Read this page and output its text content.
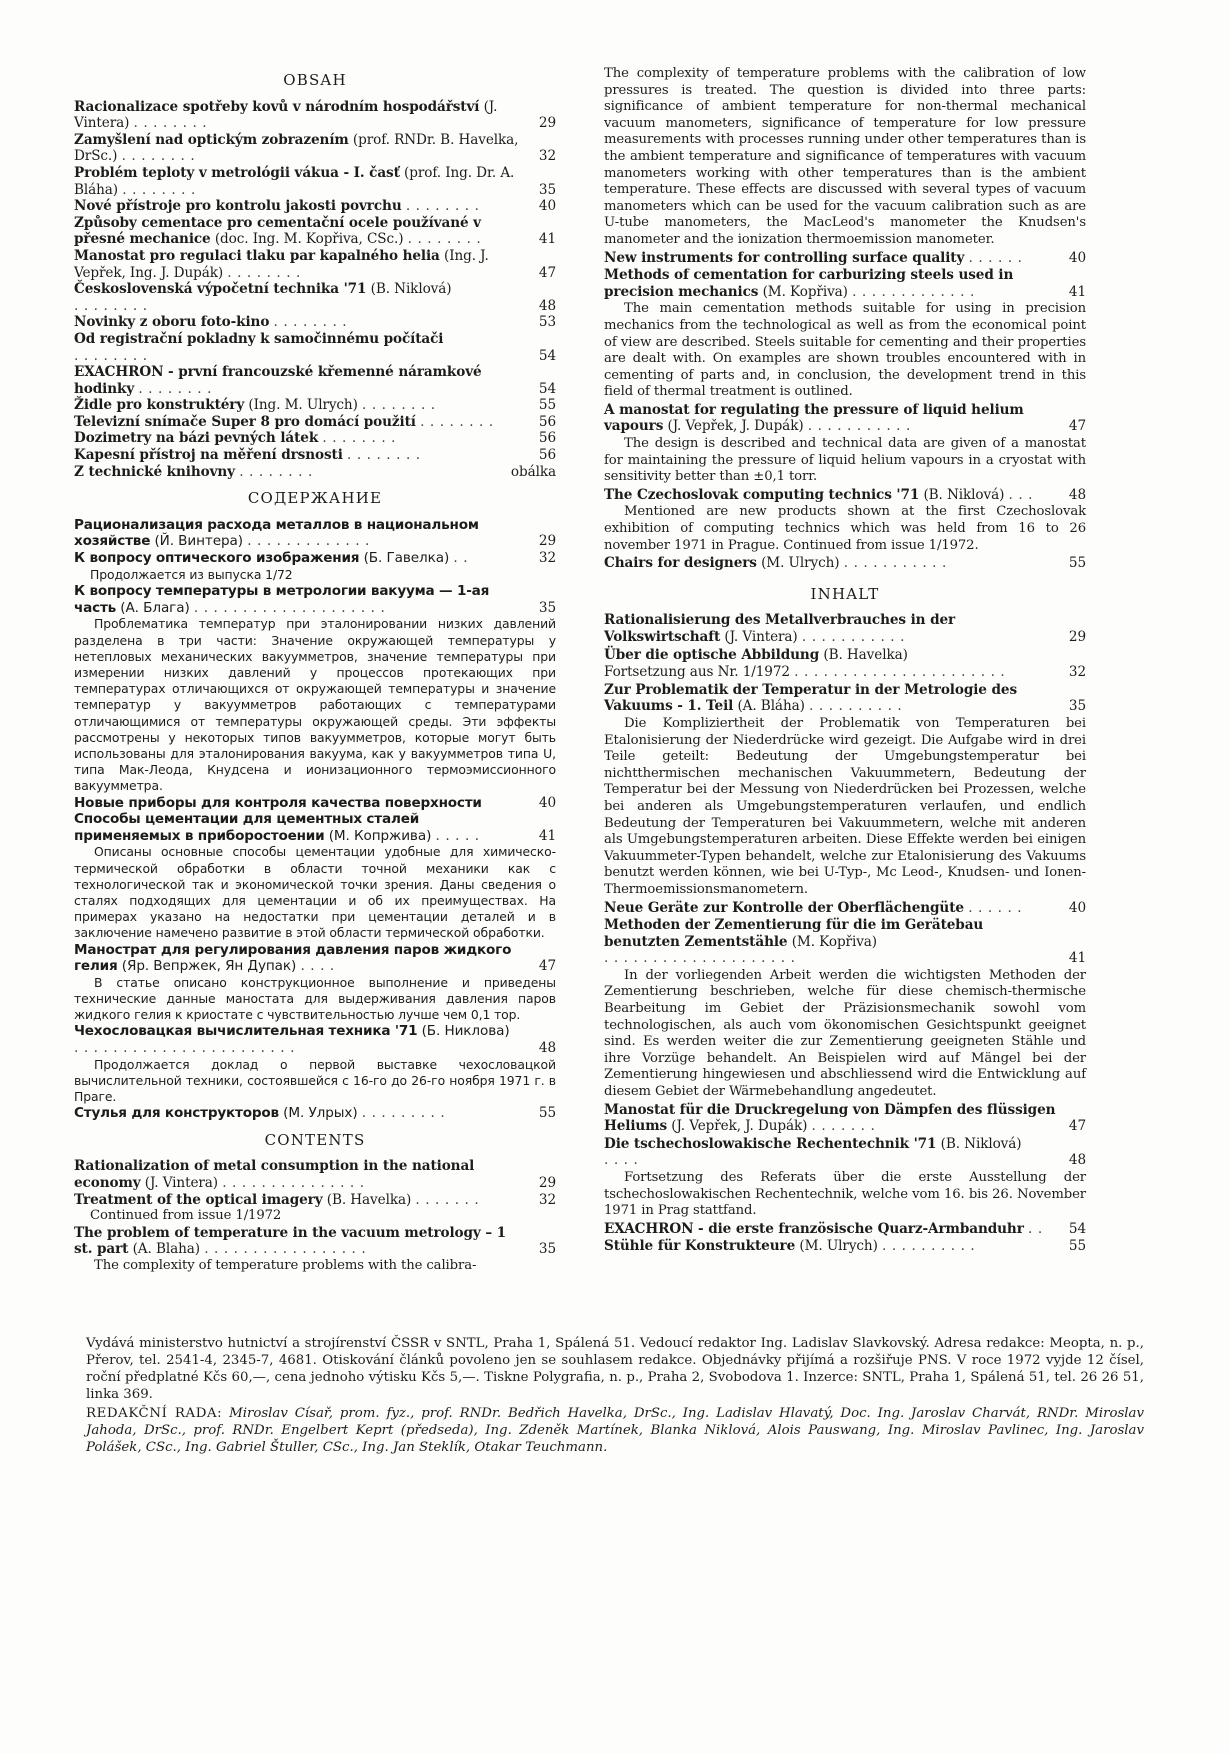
OBSAH
Racionalizace spotřeby kovů v národním hospodářství (J. Vintera) ........	29
Zamyšlení nad optickým zobrazením (prof. RNDr. B. Havelka, DrSc.) ........	32
Problém teploty v metrológii vákua - I. časť (prof. Ing. Dr. A. Bláha) ........	35
Nové přístroje pro kontrolu jakosti povrchu ........	40
Způsoby cementace pro cementační ocele používané v přesné mechanice (doc. Ing. M. Kopřiva, CSc.) ........	41
Manostat pro regulaci tlaku par kapalného helia (Ing. J. Vepřek, Ing. J. Dupák) ........	47
Československá výpočetní technika '71 (B. Niklová) ........	48
Novinky z oboru foto-kino ........	53
Od registrační pokladny k samočinnému počítači ........	54
EXACHRON - první francouzské křemenné náramkové hodinky ........	54
Židle pro konstruktéry (Ing. M. Ulrych) ........	55
Televizní snímače Super 8 pro domácí použití ........	56
Dozimetry na bázi pevných látek ........	56
Kapesní přístroj na měření drsnosti ........	56
Z technické knihovny ........	obálka
СОДЕРЖАНИЕ
Рационализация расхода металлов в национальном хозяйстве (Й. Винтера) .............	29
К вопросу оптического изображения (Б. Гавелка) ..	32
Продолжается из выпуска 1/72
К вопросу температуры в метрологии вакуума — 1-ая часть (А. Блага) ....................	35
Проблематика температур при эталонировании низких давлений разделена в три части: Значение окружающей температуры у нетепловых механических вакуумметров, значение температуры при измерении низких давлений у процессов протекающих при температурах отличающихся от окружающей температуры и значение температур у вакуумметров работающих с температурами отличающимися от температуры окружающей среды. Эти эффекты рассмотрены у некоторых типов вакуумметров, которые могут быть использованы для эталонирования вакуума, как у вакуумметров типа U, типа Мак-Леода, Кнудсена и ионизационного термоэмиссионного вакуумметра.
Новые приборы для контроля качества поверхности	40
Способы цементации для цементных сталей применяемых в приборостоении (М. Копржива) .....	41
Описаны основные способы цементации удобные для химическо-термической обработки в области точной механики как с технологической так и экономической точки зрения. Даны сведения о сталях подходящих для цементации и об их преимуществах. На примерах указано на недостатки при цементации деталей и в заключение намечено развитие в этой области термической обработки.
Манострат для регулирования давления паров жидкого гелия (Яр. Вепржек, Ян Дупак) ....	47
В статье описано конструкционное выполнение и приведены технические данные маностата для выдерживания давления паров жидкого гелия к криостате с чувствительностью лучше чем 0,1 тор.
Чехословацкая вычислительная техника '71 (Б. Никлова) .......................	48
Продолжается доклад о первой выставке чехословацкой вычислительной техники, состоявшейся с 16-го до 26-го ноября 1971 г. в Праге.
Стулья для конструкторов (М. Улрых) .........	55
CONTENTS
Rationalization of metal consumption in the national economy (J. Vintera) ...............	29
Treatment of the optical imagery (B. Havelka) .......	32
Continued from issue 1/1972
The problem of temperature in the vacuum metrology – 1 st. part (A. Blaha) .................	35
The complexity of temperature problems with the calibra-
The complexity of temperature problems with the calibration of low pressures is treated. The question is divided into three parts: significance of ambient temperature for non-thermal mechanical vacuum manometers, significance of temperature for low pressure measurements with processes running under other temperatures than is the ambient temperature and significance of temperatures with vacuum manometers working with other temperatures than is the ambient temperature. These effects are discussed with several types of vacuum manometers which can be used for the vacuum calibration such as are U-tube manometers, the MacLeod's manometer the Knudsen's manometer and the ionization thermoemission manometer.
New instruments for controlling surface quality ......	40
Methods of cementation for carburizing steels used in precision mechanics (M. Kopřiva) .............	41
The main cementation methods suitable for using in precision mechanics from the technological as well as from the economical point of view are described. Steels suitable for cementing and their properties are dealt with. On examples are shown troubles encountered with in cementing of parts and, in conclusion, the development trend in this field of thermal treatment is outlined.
A manostat for regulating the pressure of liquid helium vapours (J. Vepřek, J. Dupák) ...........	47
The design is described and technical data are given of a manostat for maintaining the pressure of liquid helium vapours in a cryostat with sensitivity better than ±0,1 torr.
The Czechoslovak computing technics '71 (B. Niklová) ... 48
Mentioned are new products shown at the first Czechoslovak exhibition of computing technics which was held from 16 to 26 november 1971 in Prague. Continued from issue 1/1972.
Chairs for designers (M. Ulrych) ...........	55
INHALT
Rationalisierung des Metallverbrauches in der Volkswirtschaft (J. Vintera) ...........	29
Über die optische Abbildung (B. Havelka)
Fortsetzung aus Nr. 1/1972 ......................	32
Zur Problematik der Temperatur in der Metrologie des Vakuums - 1. Teil (A. Bláha) ..........	35
Die Kompliziertheit der Problematik von Temperaturen bei Etalonisierung der Niederdrücke wird gezeigt. Die Aufgabe wird in drei Teile geteilt: Bedeutung der Umgebungstemperatur bei nichtthermischen mechanischen Vakuummetern, Bedeutung der Temperatur bei der Messung von Niederdrücken bei Prozessen, welche bei anderen als Umgebungstemperaturen verlaufen, und endlich Bedeutung der Temperaturen bei Vakuummetern, welche mit anderen als Umgebungstemperaturen arbeiten. Diese Effekte werden bei einigen Vakuummeter-Typen behandelt, welche zur Etalonisierung des Vakuums benutzt werden können, wie bei U-Typ-, Mc Leod-, Knudsen- und Ionen-Thermoemissionsmanometern.
Neue Geräte zur Kontrolle der Oberflächengüte ......	40
Methoden der Zementierung für die im Gerätebau benutzten Zementstähle (M. Kopřiva) ....................	41
In der vorliegenden Arbeit werden die wichtigsten Methoden der Zementierung beschrieben, welche für diese chemisch-thermische Bearbeitung im Gebiet der Präzisionsmechanik sowohl vom technologischen, als auch vom ökonomischen Gesichtspunkt geeignet sind. Es werden weiter die zur Zementierung geeigneten Stähle und ihre Vorzüge behandelt. An Beispielen wird auf Mängel bei der Zementierung hingewiesen und abschliessend wird die Entwicklung auf diesem Gebiet der Wärmebehandlung angedeutet.
Manostat für die Druckregelung von Dämpfen des flüssigen Heliums (J. Vepřek, J. Dupák) .......	47
Die tschechoslowakische Rechentechnik '71 (B. Niklová) ....	48
Fortsetzung des Referats über die erste Ausstellung der tschechoslowakischen Rechentechnik, welche vom 16. bis 26. November 1971 in Prag stattfand.
EXACHRON - die erste französische Quarz-Armbanduhr .. 54
Stühle für Konstrukteure (M. Ulrych) ..........	55
Vydává ministerstvo hutnictví a strojírenství ČSSR v SNTL, Praha 1, Spálená 51. Vedoucí redaktor Ing. Ladislav Slavkovský. Adresa redakce: Meopta, n. p., Přerov, tel. 2541-4, 2345-7, 4681. Otiskování článků povoleno jen se souhlasem redakce. Objednávky přijímá a rozšiřuje PNS. V roce 1972 vyjde 12 čísel, roční předplatné Kčs 60,—, cena jednoho výtisku Kčs 5,—. Tiskne Polygrafia, n. p., Praha 2, Svobodova 1. Inzerce: SNTL, Praha 1, Spálená 51, tel. 26 26 51, linka 369.
REDAKČNÍ RADA: Miroslav Císař, prom. fyz., prof. RNDr. Bedřich Havelka, DrSc., Ing. Ladislav Hlavatý, Doc. Ing. Jaroslav Charvát, RNDr. Miroslav Jahoda, DrSc., prof. RNDr. Engelbert Keprt (předseda), Ing. Zdeněk Martínek, Blanka Niklová, Alois Pauswang, Ing. Miroslav Pavlinec, Ing. Jaroslav Polášek, CSc., Ing. Gabriel Štuller, CSc., Ing. Jan Steklík, Otakar Teuchmann.
